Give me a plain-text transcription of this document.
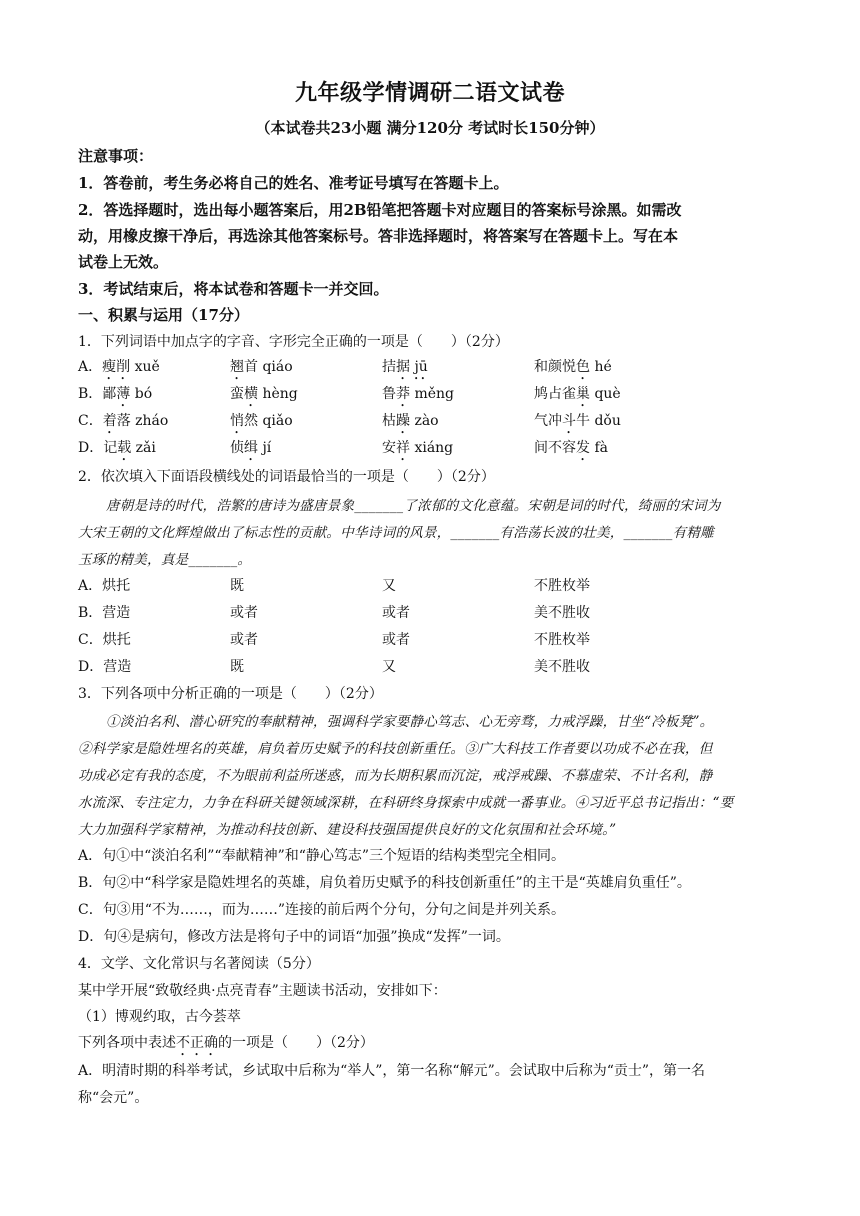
九年级学情调研二语文试卷
（本试卷共23小题 满分120分 考试时长150分钟）
注意事项：
1．答卷前，考生务必将自己的姓名、准考证号填写在答题卡上。
2．答选择题时，选出每小题答案后，用2B铅笔把答题卡对应题目的答案标号涂黑。如需改
动，用橡皮擦干净后，再选涂其他答案标号。答非选择题时，将答案写在答题卡上。写在本
试卷上无效。
3．考试结束后，将本试卷和答题卡一并交回。
一、积累与运用（17分）
1．下列词语中加点字的字音、字形完全正确的一项是（　　）（2分）
A．瘦削 xuě	翘首 qiáo	拮据 jū	和颜悦色 hé
B．鄙薄 bó	蛮横 hèng	鲁莽 měng	鸠占雀巢 què
C．着落 zháo	悄然 qiǎo	枯躁 zào	气冲斗牛 dǒu
D．记载 zǎi	侦缉 jí	安祥 xiáng	间不容发 fà
2．依次填入下面语段横线处的词语最恰当的一项是（　　）（2分）
唐朝是诗的时代，浩繁的唐诗为盛唐景象_______了浓郁的文化意蕴。宋朝是词的时代，绮丽的宋词为
大宋王朝的文化辉煌做出了标志性的贡献。中华诗词的风景，_______有浩荡长波的壮美，_______有精雕
玉琢的精美，真是_______。
A．烘托	既	又	不胜枚举
B．营造	或者	或者	美不胜收
C．烘托	或者	或者	不胜枚举
D．营造	既	又	美不胜收
3．下列各项中分析正确的一项是（　　）（2分）
①淡泊名利、潜心研究的奉献精神，强调科学家要静心笃志、心无旁骛，力戒浮躁，甘坐“冷板凳”。
②科学家是隐姓埋名的英雄，肩负着历史赋予的科技创新重任。③广大科技工作者要以功成不必在我，但
功成必定有我的态度，不为眼前利益所迷惑，而为长期积累而沉淀，戒浮戒躁、不慕虚荣、不计名利，静
水流深、专注定力，力争在科研关键领域深耕，在科研终身探索中成就一番事业。④习近平总书记指出：“要
大力加强科学家精神，为推动科技创新、建设科技强国提供良好的文化氛围和社会环境。”
A．句①中“淡泊名利”“奉献精神”和“静心笃志”三个短语的结构类型完全相同。
B．句②中“科学家是隐姓埋名的英雄，肩负着历史赋予的科技创新重任”的主干是“英雄肩负重任”。
C．句③用“不为……，而为……”连接的前后两个分句，分句之间是并列关系。
D．句④是病句，修改方法是将句子中的词语“加强”换成“发挥”一词。
4．文学、文化常识与名著阅读（5分）
某中学开展“致敬经典·点亮青春”主题读书活动，安排如下：
（1）博观约取，古今荟萃
下列各项中表述不正确的一项是（　　）（2分）
A．明清时期的科举考试，乡试取中后称为“举人”，第一名称“解元”。会试取中后称为“贡士”，第一名
称“会元”。
